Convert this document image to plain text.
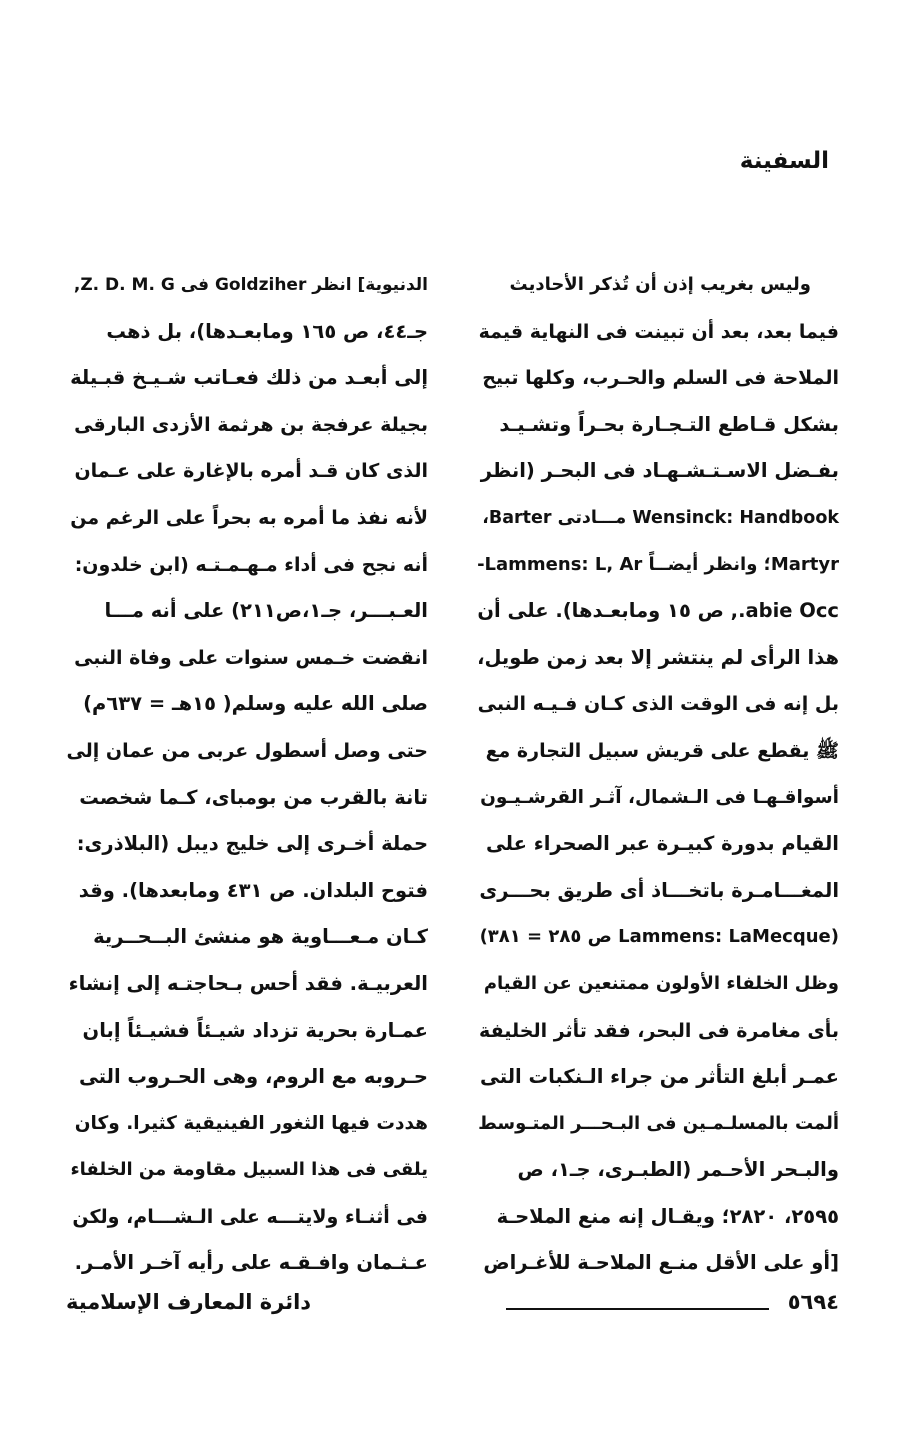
السفينة
وليس بغريب إذن أن تُذكر الأحاديث
فيما بعد، بعد أن تبينت فى النهاية قيمة
الملاحة فى السلم والحـرب، وكلها تبيح
بشكل قـاطع التـجـارة بحـراً وتشـيـد
بفـضل الاسـتـشـهـاد فى البحـر (انظر
Wensinck: Handbook مـــادتى Barter،
Martyr؛ وانظر أيضــاً Lammens: L, Ar-
abie Occ., ص ١٥ ومابعـدها). على أن
هذا الرأى لم ينتشر إلا بعد زمن طويل،
بل إنه فى الوقت الذى كـان فـيـه النبى
ﷺ يقطع على قريش سبيل التجارة مع
أسواقـهـا فى الـشمال، آثـر القرشـيـون
القيام بدورة كبيـرة عبر الصحراء على
المغـــامـرة باتخـــاذ أى طريق بحـــرى
(Lammens: LaMecque ص ٢٨٥ = ٣٨١)
وظل الخلفاء الأولون ممتنعين عن القيام
بأى مغامرة فى البحر، فقد تأثر الخليفة
عمـر أبلغ التأثر من جراء الـنكبات التى
ألمت بالمسلـمـين فى البـحـــر المتـوسط
والبـحر الأحـمر (الطبـرى، جـ١، ص
٢٥٩٥، ٢٨٢٠؛ ويقـال إنه منع الملاحـة
[أو على الأقل منـع الملاحـة للأغـراض
الدنيوية] انظر Goldziher فى Z. D. M. G,
جـ٤٤، ص ١٦٥ ومابعـدها)، بل ذهب
إلى أبعـد من ذلك فعـاتب شـيـخ قبـيلة
بجيلة عرفجة بن هرثمة الأزدى البارقى
الذى كان قـد أمره بالإغارة على عـمان
لأنه نفذ ما أمره به بحراً على الرغم من
أنه نجح فى أداء مـهـمـتـه (ابن خلدون:
العـبـــر، جـ١،ص٢١١) على أنه مـــا
انقضت خـمس سنوات على وفاة النبى
صلى الله عليه وسلم( ١٥هـ = ٦٣٧م)
حتى وصل أسطول عربى من عمان إلى
تانة بالقرب من بومباى، كـما شخصت
حملة أخـرى إلى خليج ديبل (البلاذرى:
فتوح البلدان. ص ٤٣١ ومابعدها). وقد
كـان مـعـــاوية هو منشئ البــحــرية
العربيـة. فقد أحس بـحاجتـه إلى إنشاء
عمـارة بحرية تزداد شيـئاً فشيـئاً إبان
حـروبه مع الروم، وهى الحـروب التى
هددت فيها الثغور الفينيقية كثيرا. وكان
يلقى فى هذا السبيل مقاومة من الخلفاء
فى أثنـاء ولايتـــه على الـشـــام، ولكن
عـثـمان وافـقـه على رأيه آخـر الأمـر.
٥٦٩٤
دائرة المعارف الإسلامية
